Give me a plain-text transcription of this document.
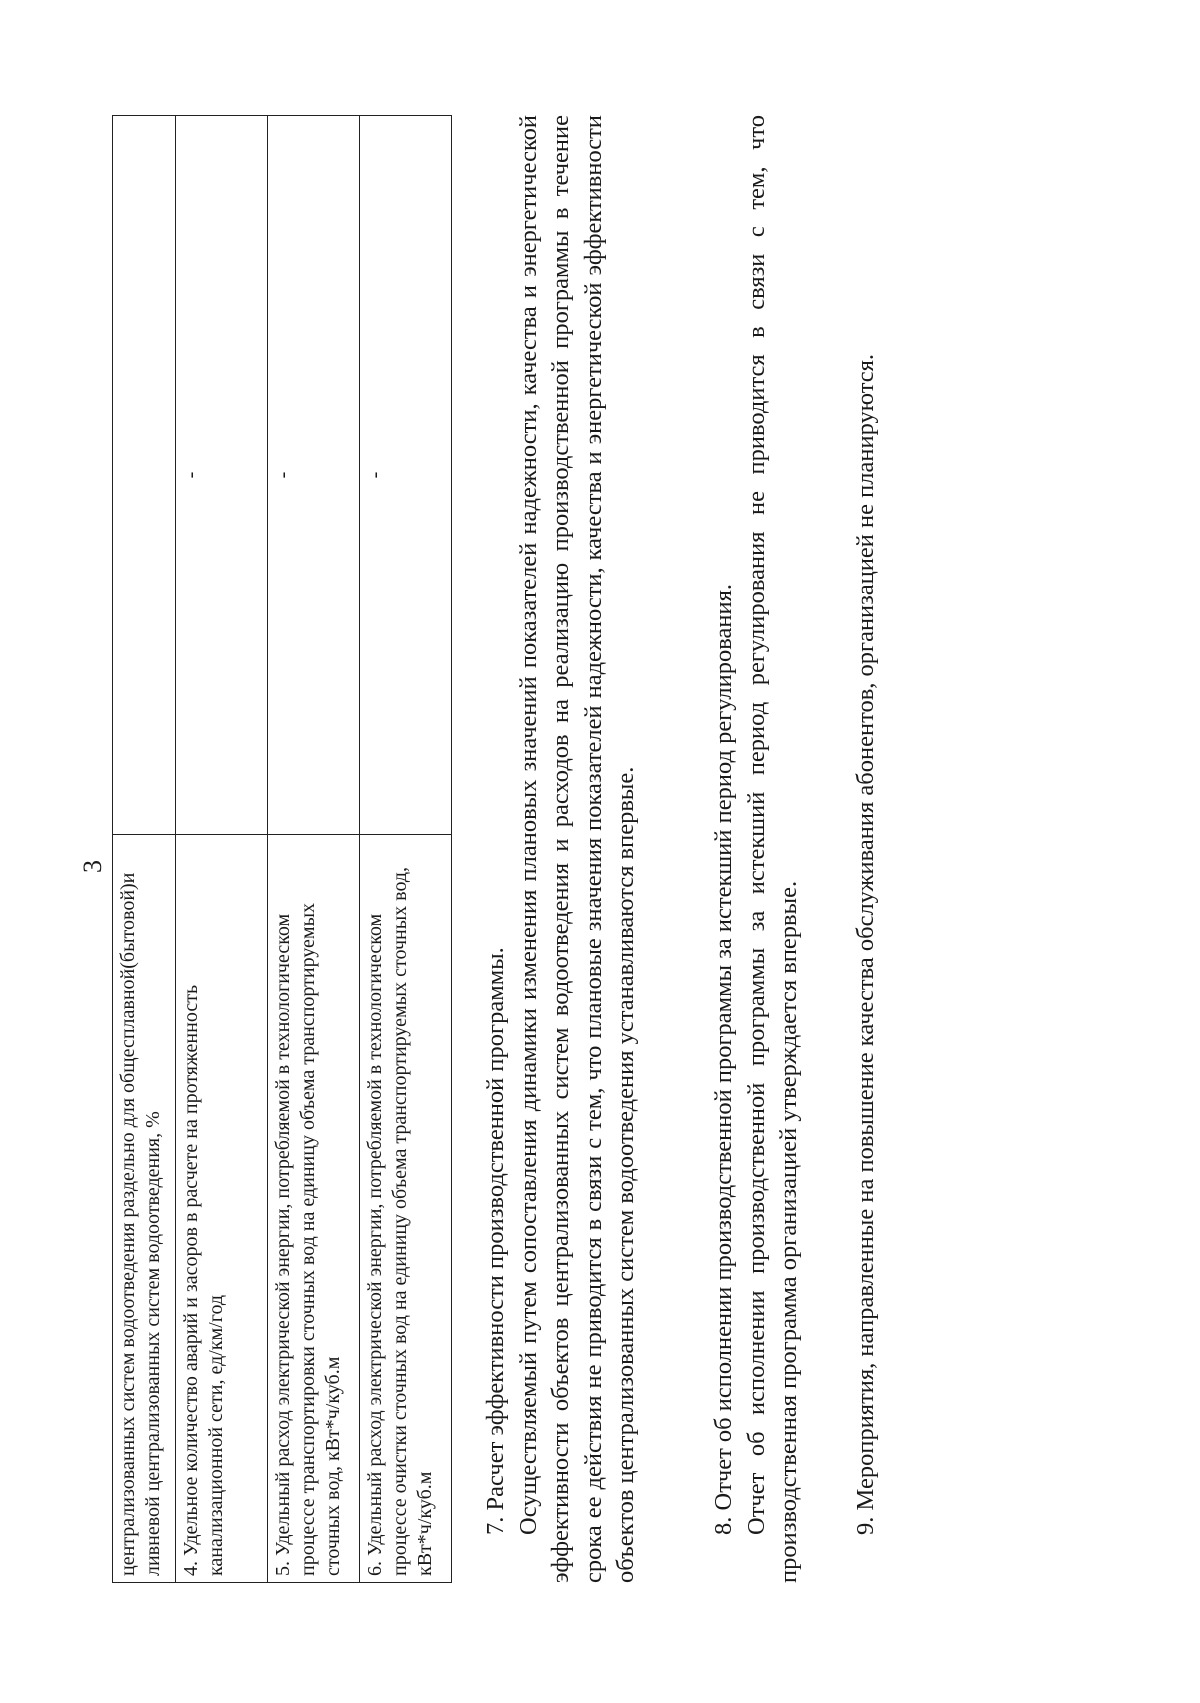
3
централизованных систем водоотведения раздельно для общесплавной(бытовой)и ливневой централизованных систем водоотведения, %	
4. Удельное количество аварий и засоров в расчете на протяженность канализационной сети, ед/км/год	-
5. Удельный расход электрической энергии, потребляемой в технологическом процессе транспортировки сточных вод на единицу объема транспортируемых сточных вод, кВт*ч/куб.м	-
6. Удельный расход электрической энергии, потребляемой в технологическом процессе очистки сточных вод на единицу объема транспортируемых сточных вод, кВт*ч/куб.м	-

7. Расчет эффективности производственной программы. Осуществляемый путем сопоставления динамики изменения плановых значений показателей надежности, качества и энергетической эффективности объектов централизованных систем водоотведения и расходов на реализацию производственной программы в течение срока ее действия не приводится в связи с тем, что плановые значения показателей надежности, качества и энергетической эффективности объектов централизованных систем водоотведения устанавливаются впервые.	8. Отчет об исполнении производственной программы за истекший период регулирования. Отчет об исполнении производственной программы за истекший период регулирования не приводится в связи с тем, что производственная программа организацией утверждается впервые. 9. Мероприятия, направленные на повышение качества обслуживания абонентов, организацией не планируются.
